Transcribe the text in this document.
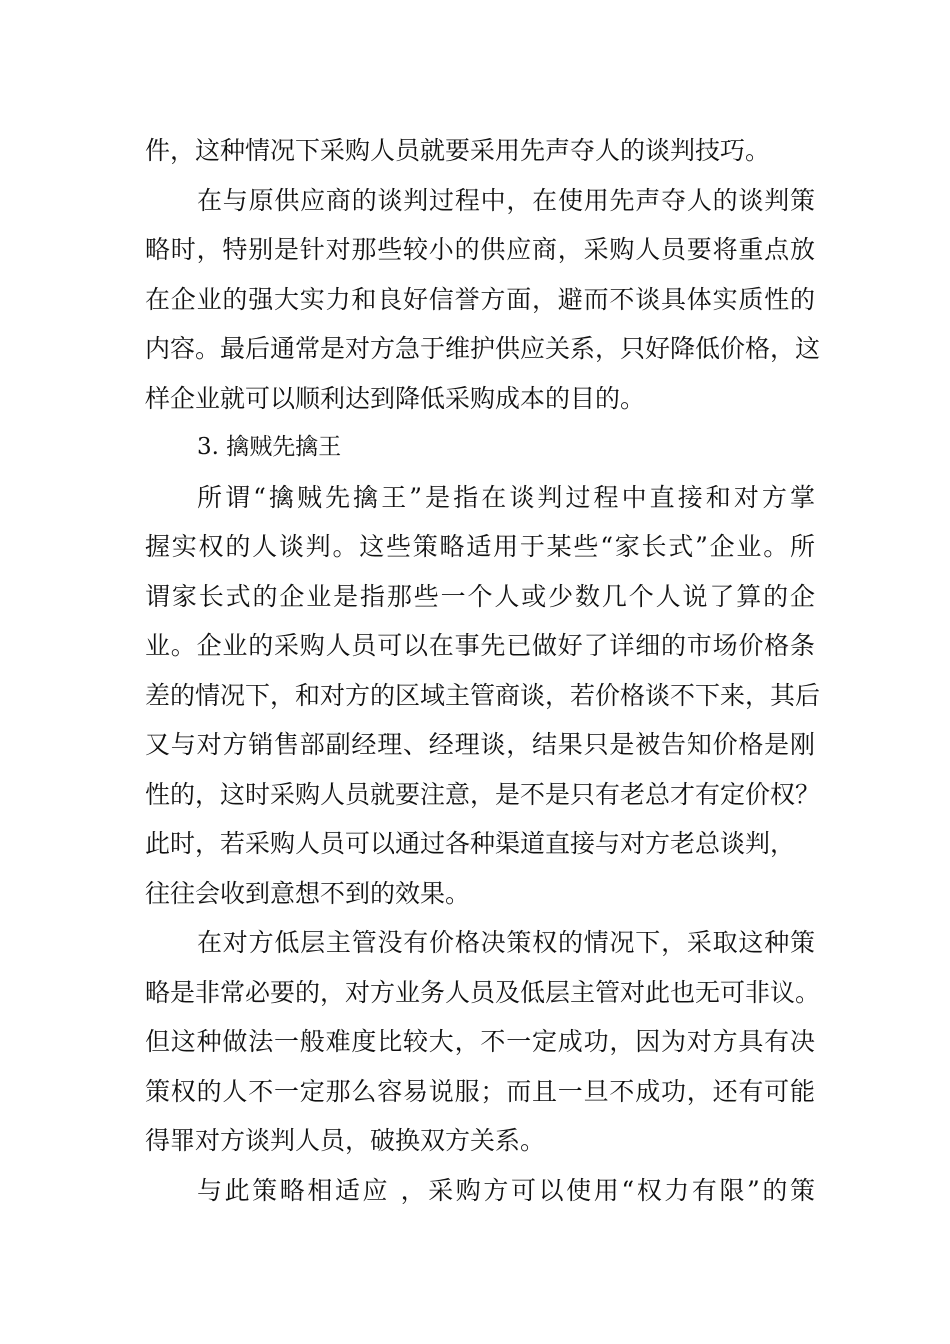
件，这种情况下采购人员就要采用先声夺人的谈判技巧。
在与原供应商的谈判过程中，在使用先声夺人的谈判策
略时，特别是针对那些较小的供应商，采购人员要将重点放
在企业的强大实力和良好信誉方面，避而不谈具体实质性的
内容。最后通常是对方急于维护供应关系，只好降低价格，这
样企业就可以顺利达到降低采购成本的目的。
3. 擒贼先擒王
所谓“擒贼先擒王”是指在谈判过程中直接和对方掌
握实权的人谈判。这些策略适用于某些“家长式”企业。所
谓家长式的企业是指那些一个人或少数几个人说了算的企
业。企业的采购人员可以在事先已做好了详细的市场价格条
差的情况下，和对方的区域主管商谈，若价格谈不下来，其后
又与对方销售部副经理、经理谈，结果只是被告知价格是刚
性的，这时采购人员就要注意，是不是只有老总才有定价权？
此时，若采购人员可以通过各种渠道直接与对方老总谈判，
往往会收到意想不到的效果。
在对方低层主管没有价格决策权的情况下，采取这种策
略是非常必要的，对方业务人员及低层主管对此也无可非议。
但这种做法一般难度比较大，不一定成功，因为对方具有决
策权的人不一定那么容易说服；而且一旦不成功，还有可能
得罪对方谈判人员，破换双方关系。
与此策略相适应 ，采购方可以使用“权力有限”的策
